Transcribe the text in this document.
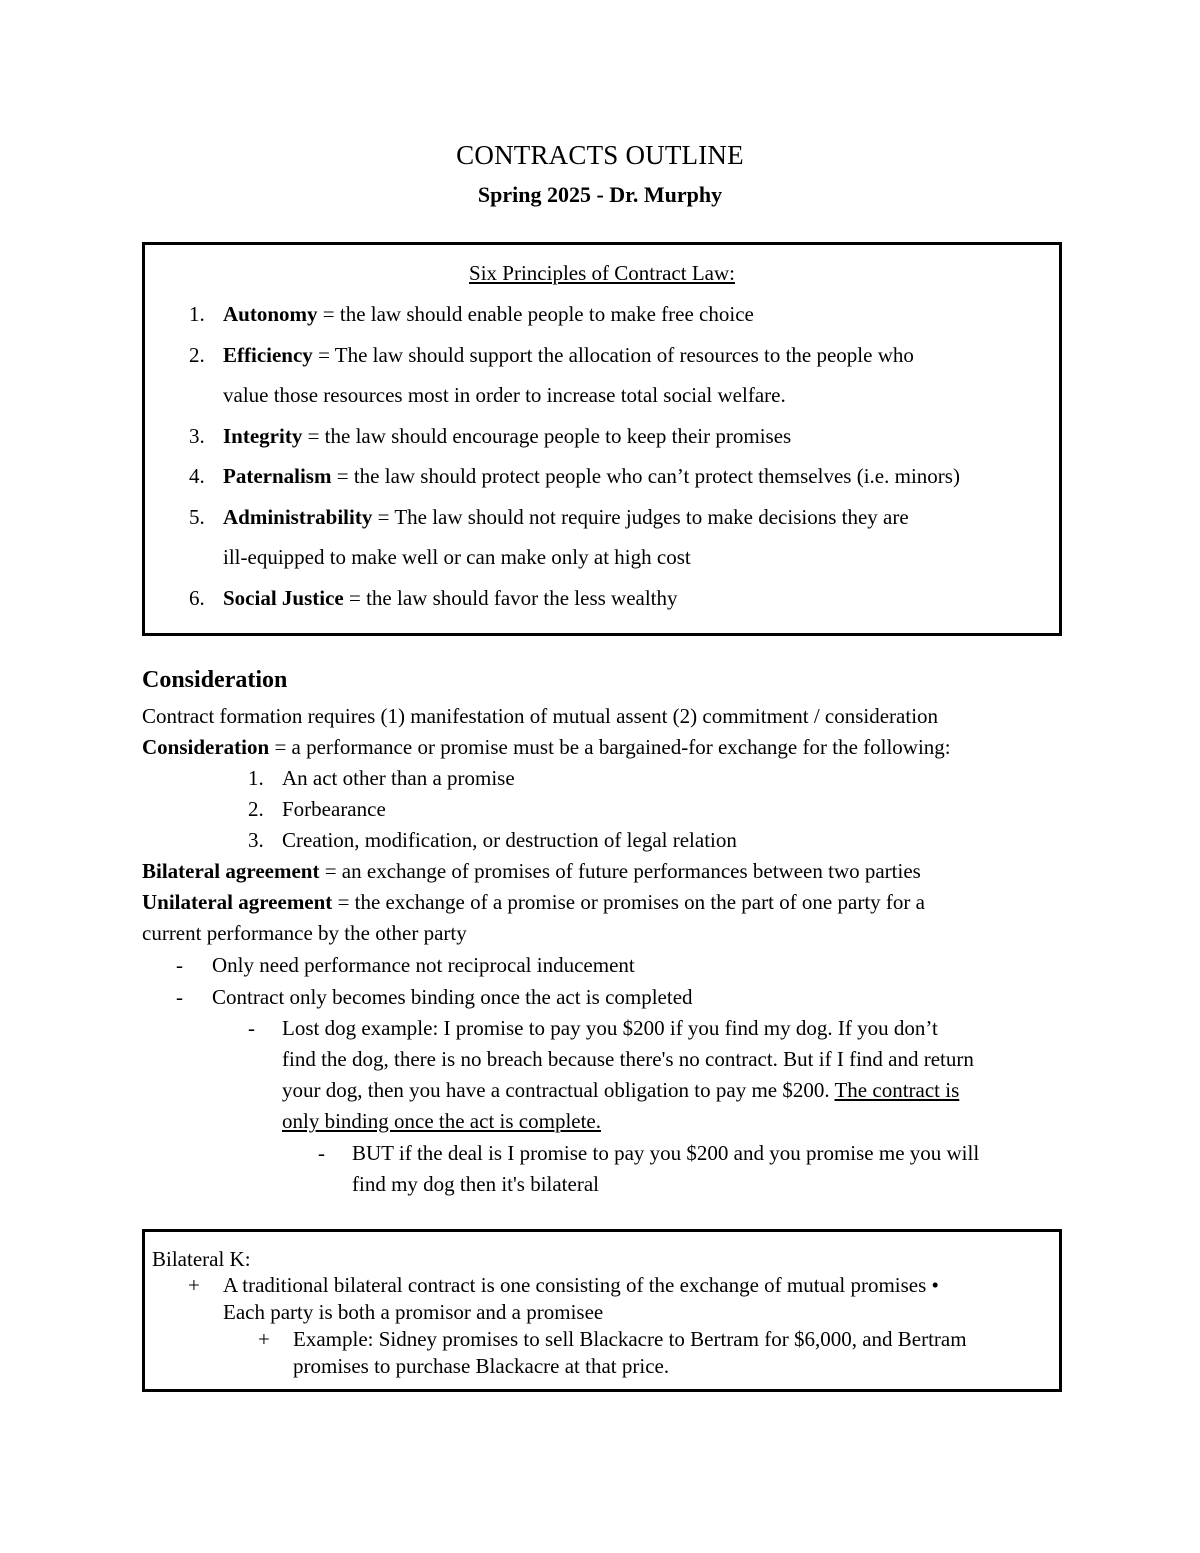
CONTRACTS OUTLINE
Spring 2025 - Dr. Murphy
Six Principles of Contract Law:
1. Autonomy = the law should enable people to make free choice
2. Efficiency = The law should support the allocation of resources to the people who
value those resources most in order to increase total social welfare.
3. Integrity = the law should encourage people to keep their promises
4. Paternalism = the law should protect people who can’t protect themselves (i.e. minors)
5. Administrability = The law should not require judges to make decisions they are
ill-equipped to make well or can make only at high cost
6. Social Justice = the law should favor the less wealthy
Consideration
Contract formation requires (1) manifestation of mutual assent (2) commitment / consideration
Consideration = a performance or promise must be a bargained-for exchange for the following:
1. An act other than a promise
2. Forbearance
3. Creation, modification, or destruction of legal relation
Bilateral agreement = an exchange of promises of future performances between two parties
Unilateral agreement = the exchange of a promise or promises on the part of one party for a
current performance by the other party
- Only need performance not reciprocal inducement
- Contract only becomes binding once the act is completed
- Lost dog example: I promise to pay you $200 if you find my dog. If you don’t
find the dog, there is no breach because there's no contract. But if I find and return
your dog, then you have a contractual obligation to pay me $200. The contract is
only binding once the act is complete.
- BUT if the deal is I promise to pay you $200 and you promise me you will
find my dog then it's bilateral
Bilateral K:
+ A traditional bilateral contract is one consisting of the exchange of mutual promises •
Each party is both a promisor and a promisee
+ Example: Sidney promises to sell Blackacre to Bertram for $6,000, and Bertram
promises to purchase Blackacre at that price.
